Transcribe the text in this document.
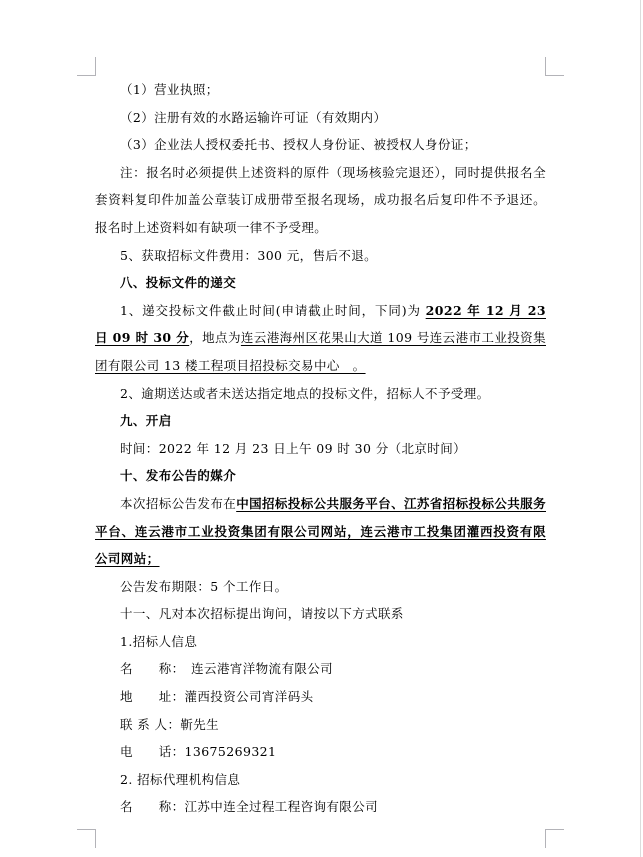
（1）营业执照；

（2）注册有效的水路运输许可证（有效期内）

（3）企业法人授权委托书、授权人身份证、被授权人身份证；

注：报名时必须提供上述资料的原件（现场核验完退还），同时提供报名全套资料复印件加盖公章装订成册带至报名现场，成功报名后复印件不予退还。报名时上述资料如有缺项一律不予受理。

5、获取招标文件费用：300 元，售后不退。

八、投标文件的递交

1、递交投标文件截止时间(申请截止时间，下同)为 2022 年 12 月 23 日 09 时 30 分，地点为连云港海州区花果山大道 109 号连云港市工业投资集团有限公司 13 楼工程项目招投标交易中心　。

2、逾期送达或者未送达指定地点的投标文件，招标人不予受理。

九、开启

时间：2022 年 12 月 23 日上午 09 时 30 分（北京时间）

十、发布公告的媒介

本次招标公告发布在中国招标投标公共服务平台、江苏省招标投标公共服务平台、连云港市工业投资集团有限公司网站，连云港市工投集团灌西投资有限公司网站；

公告发布期限：5 个工作日。

十一、凡对本次招标提出询问，请按以下方式联系

1.招标人信息

名　　称：　连云港宵洋物流有限公司

地　　址：灌西投资公司宵洋码头

联 系 人：靳先生

电　　话：13675269321

2. 招标代理机构信息

名　　称：江苏中连全过程工程咨询有限公司
